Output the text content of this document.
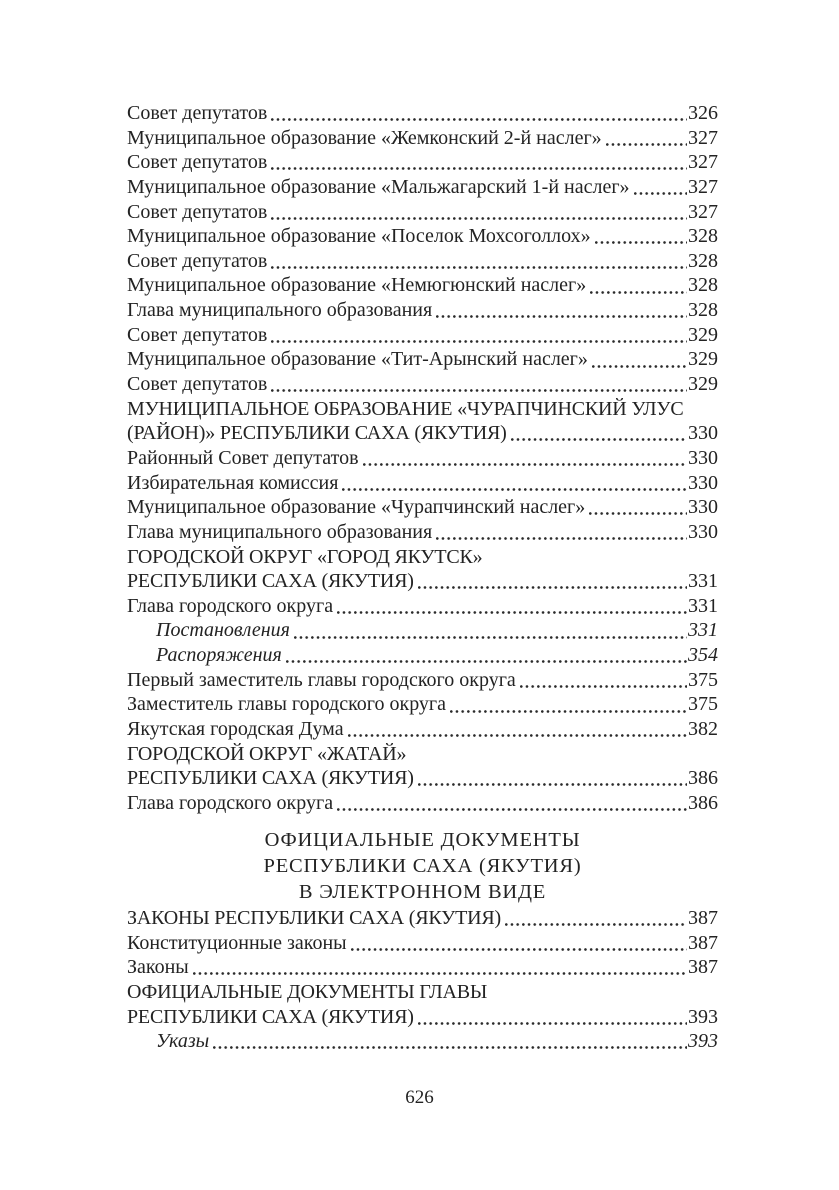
Совет депутатов	326
Муниципальное образование «Жемконский 2-й наслег»	327
Совет депутатов	327
Муниципальное образование «Мальжагарский 1-й наслег»	327
Совет депутатов	327
Муниципальное образование «Поселок Мохсоголлох»	328
Совет депутатов	328
Муниципальное образование «Немюгюнский наслег»	328
Глава муниципального образования	328
Совет депутатов	329
Муниципальное образование «Тит-Арынский наслег»	329
Совет депутатов	329
МУНИЦИПАЛЬНОЕ ОБРАЗОВАНИЕ «ЧУРАПЧИНСКИЙ УЛУС
(РАЙОН)» РЕСПУБЛИКИ САХА (ЯКУТИЯ)	330
Районный Совет депутатов	330
Избирательная комиссия	330
Муниципальное образование «Чурапчинский наслег»	330
Глава муниципального образования	330
ГОРОДСКОЙ ОКРУГ «ГОРОД ЯКУТСК»
РЕСПУБЛИКИ САХА (ЯКУТИЯ)	331
Глава городского округа	331
Постановления	331
Распоряжения	354
Первый заместитель главы городского округа	375
Заместитель главы городского округа	375
Якутская городская Дума	382
ГОРОДСКОЙ ОКРУГ «ЖАТАЙ»
РЕСПУБЛИКИ САХА (ЯКУТИЯ)	386
Глава городского округа	386
ОФИЦИАЛЬНЫЕ ДОКУМЕНТЫ
РЕСПУБЛИКИ САХА (ЯКУТИЯ)
В ЭЛЕКТРОННОМ ВИДЕ
ЗАКОНЫ РЕСПУБЛИКИ САХА (ЯКУТИЯ)	387
Конституционные законы	387
Законы	387
ОФИЦИАЛЬНЫЕ ДОКУМЕНТЫ ГЛАВЫ
РЕСПУБЛИКИ САХА (ЯКУТИЯ)	393
Указы	393
626
